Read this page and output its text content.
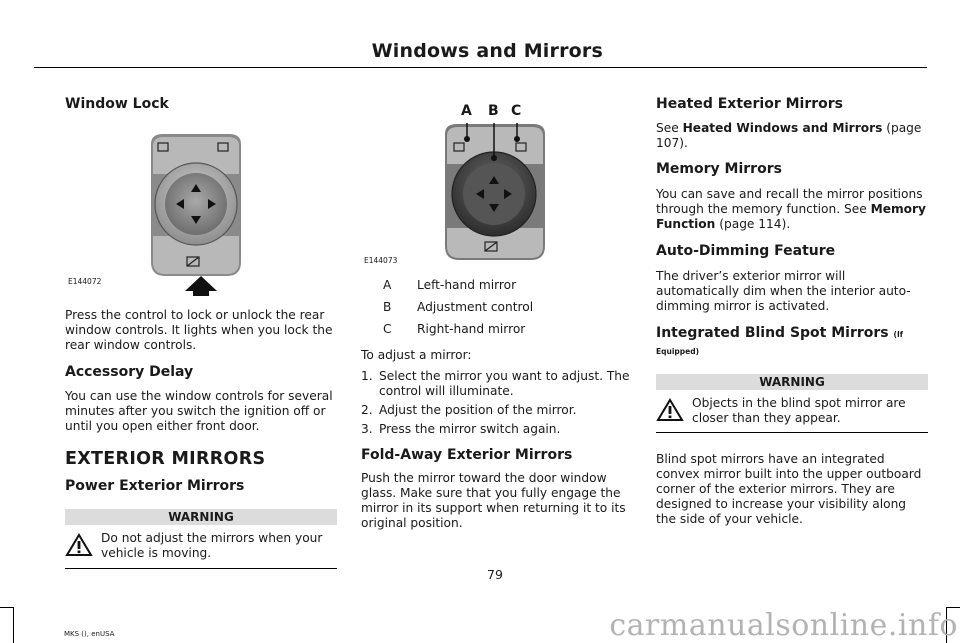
Windows and Mirrors
Window Lock
E144072

Press the control to lock or unlock the rear window controls. It lights when you lock the rear window controls.

Accessory Delay

You can use the window controls for several minutes after you switch the ignition off or until you open either front door.

EXTERIOR MIRRORS
Power Exterior Mirrors
WARNING

Do not adjust the mirrors when your vehicle is moving.

A B C
E144073
A	Left-hand mirror
B	Adjustment control
C	Right-hand mirror

To adjust a mirror:

1. Select the mirror you want to adjust. The control will illuminate.
2. Adjust the position of the mirror.
3. Press the mirror switch again.
Fold-Away Exterior Mirrors

Push the mirror toward the door window glass. Make sure that you fully engage the mirror in its support when returning it to its original position.

Heated Exterior Mirrors

See Heated Windows and Mirrors (page 107).

Memory Mirrors

You can save and recall the mirror positions through the memory function. See Memory Function (page 114).

Auto-Dimming Feature

The driver’s exterior mirror will automatically dim when the interior auto-dimming mirror is activated.

Integrated Blind Spot Mirrors (If
Equipped)
WARNING

Objects in the blind spot mirror are closer than they appear.

Blind spot mirrors have an integrated convex mirror built into the upper outboard corner of the exterior mirrors. They are designed to increase your visibility along the side of your vehicle.

79
MKS (), enUSA	carmanualsonline.info
